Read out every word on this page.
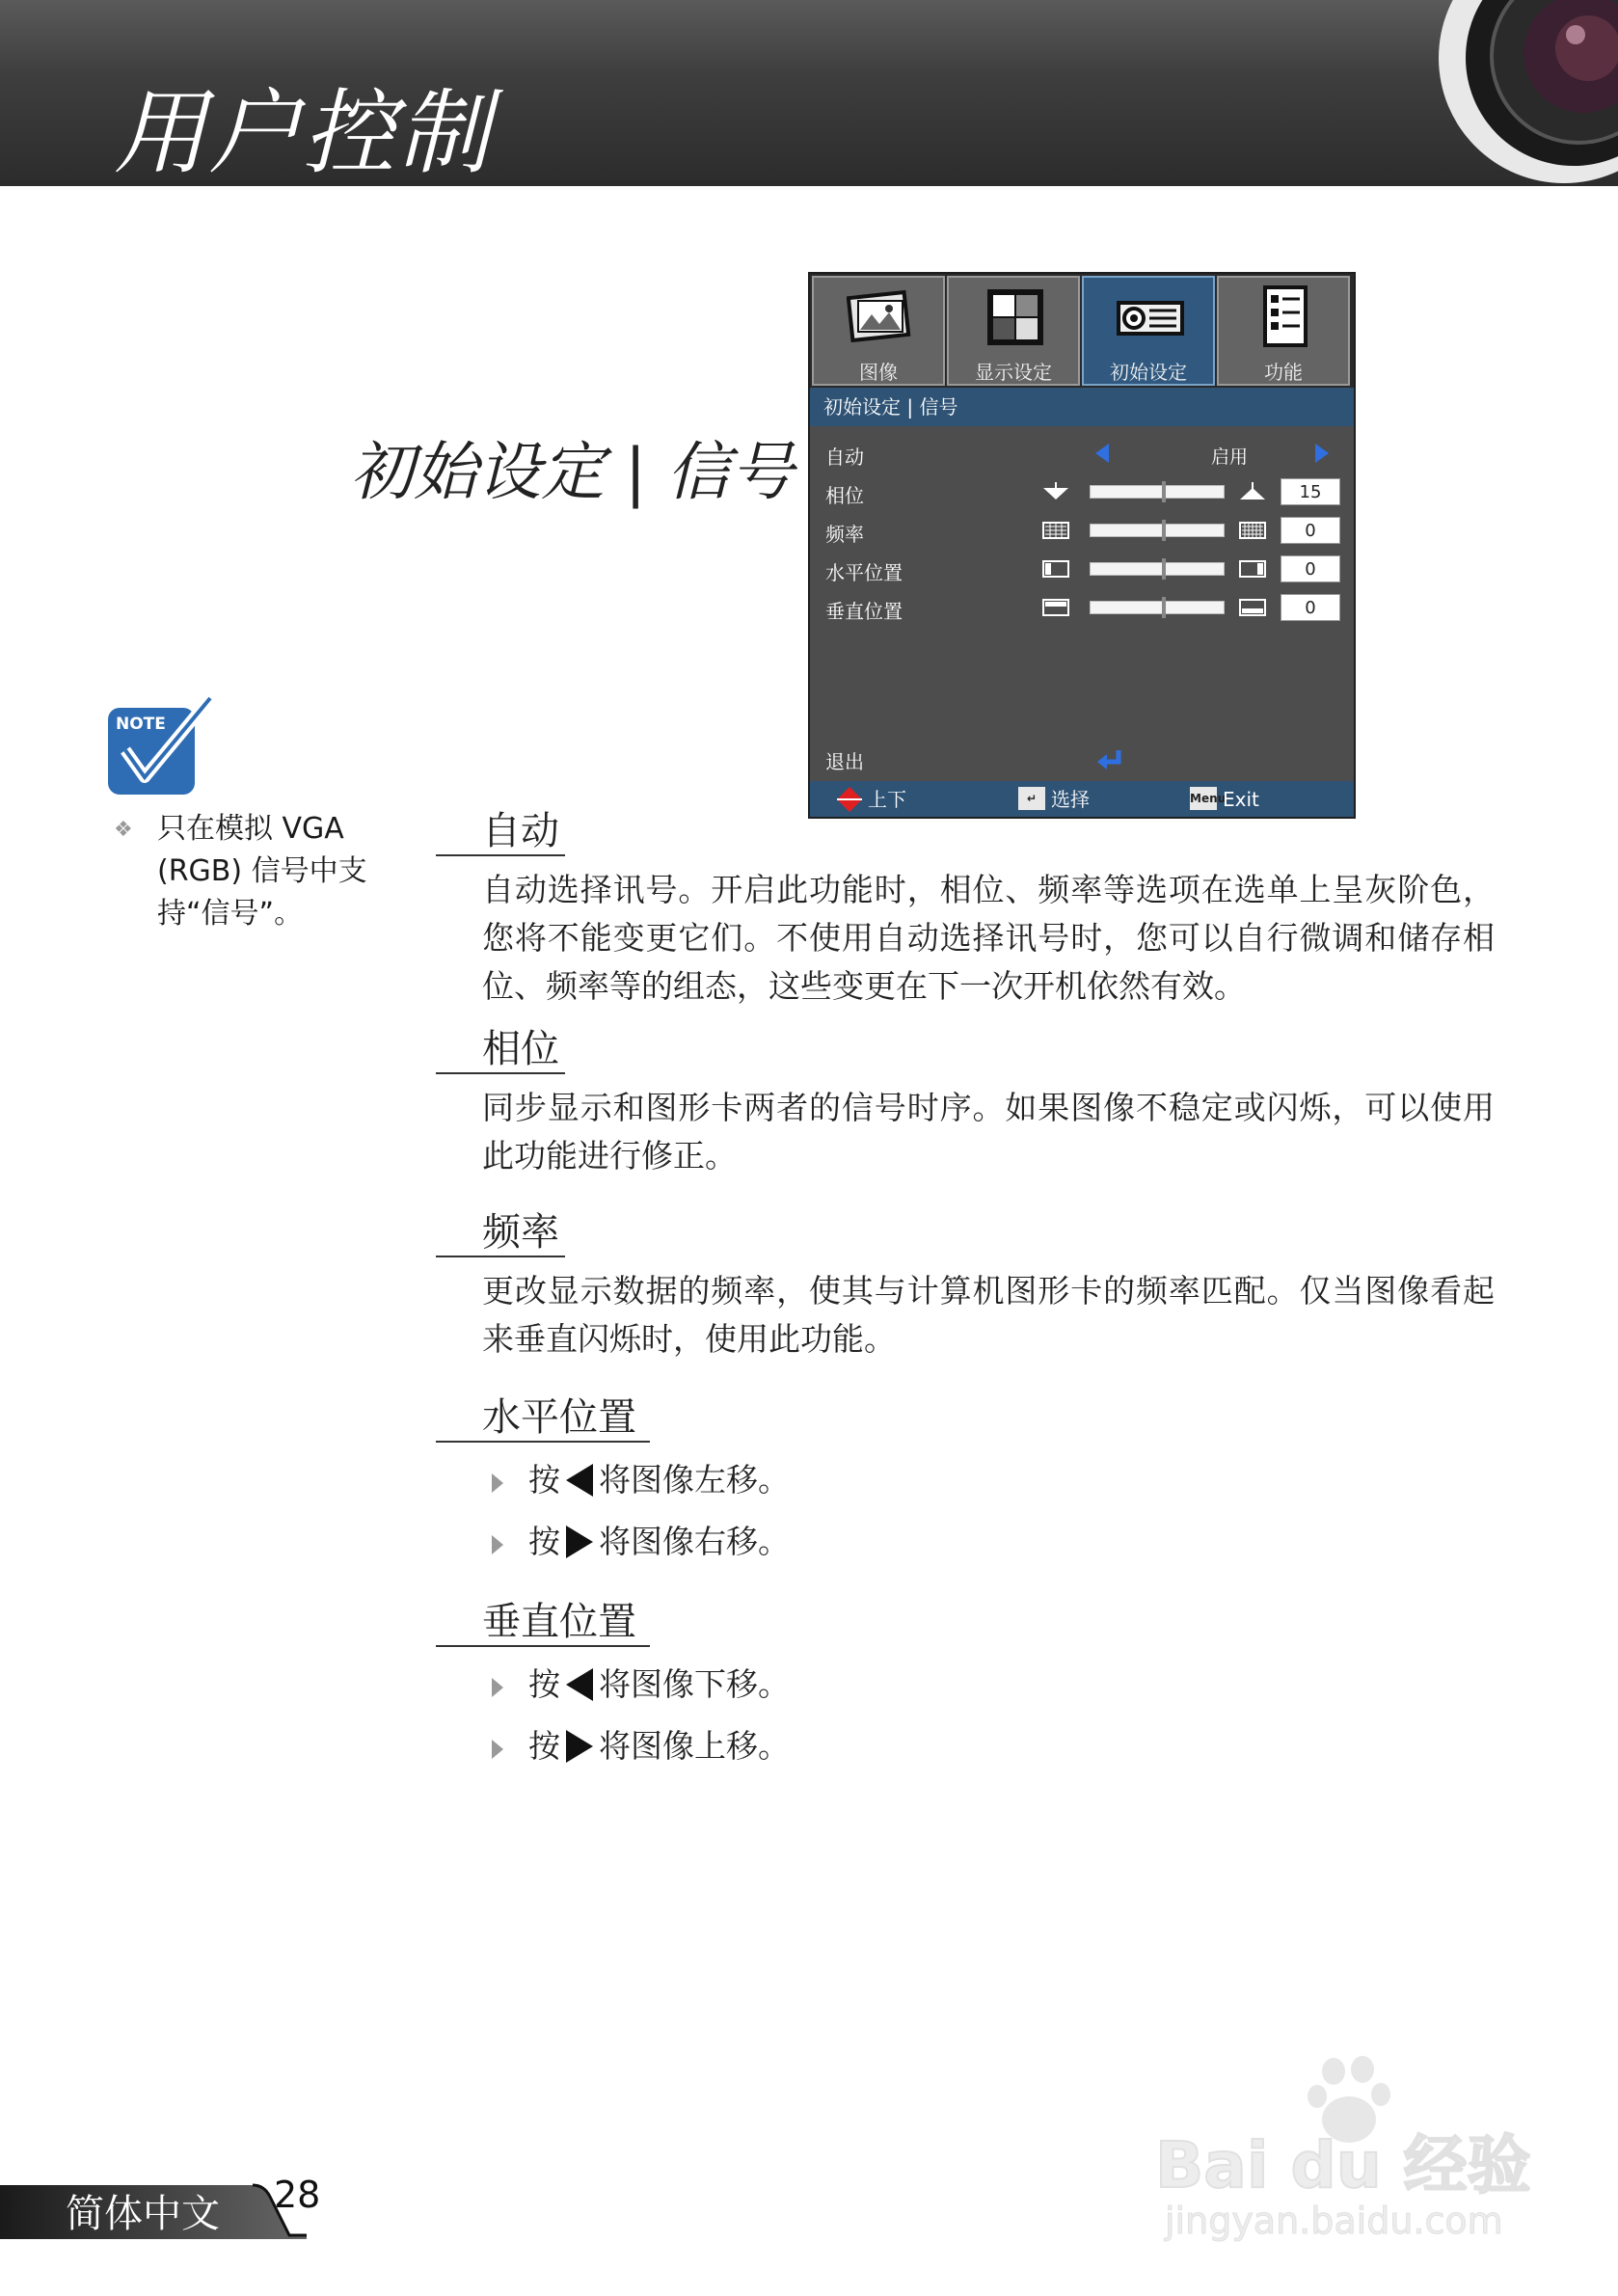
用户控制
初始设定 | 信号
图像	显示设定	初始设定	功能
初始设定 | 信号
自动	启用
相位	15
频率	0
水平位置	0
垂直位置	0
退出
上下	↵ 选择	Menu
Exit
NOTE
❖ 只在模拟 VGA (RGB) 信号中支持“信号”。
自动
自动选择讯号。开启此功能时，相位、频率等选项在选单上呈灰阶色，您将不能变更它们。不使用自动选择讯号时，您可以自行微调和储存相位、频率等的组态，这些变更在下一次开机依然有效。
相位
同步显示和图形卡两者的信号时序。如果图像不稳定或闪烁，可以使用此功能进行修正。
频率
更改显示数据的频率，使其与计算机图形卡的频率匹配。仅当图像看起来垂直闪烁时，使用此功能。
水平位置
按 将图像左移。
按 将图像右移。
垂直位置
按 将图像下移。
按 将图像上移。
简体中文 28	Bai du 经验
jingyan.baidu.com
